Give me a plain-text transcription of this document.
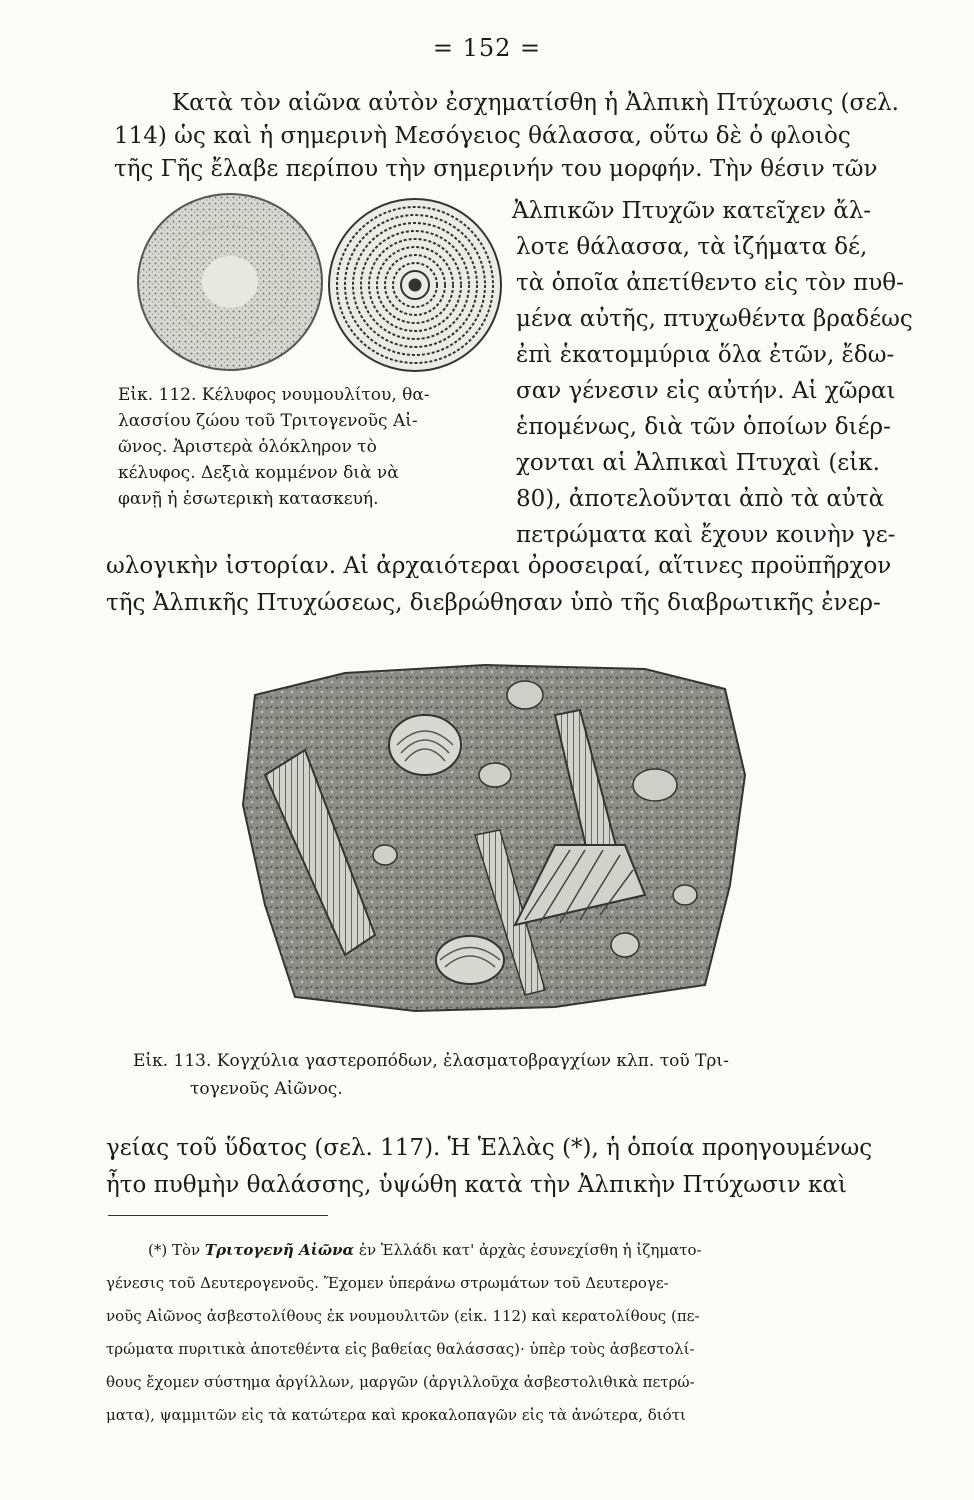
= 152 =
Κατὰ τὸν αἰῶνα αὐτὸν ἐσχηματίσθη ἡ Ἀλπικὴ Πτύχωσις (σελ.
114) ὡς καὶ ἡ σημερινὴ Μεσόγειος θάλασσα, οὕτω δὲ ὁ φλοιὸς
τῆς Γῆς ἔλαβε περίπου τὴν σημερινήν του μορφήν. Τὴν θέσιν τῶν
Ἀλπικῶν Πτυχῶν κατεῖχεν ἄλ-
λοτε θάλασσα, τὰ ἰζήματα δέ,
τὰ ὁποῖα ἀπετίθεντο εἰς τὸν πυθ-
μένα αὐτῆς, πτυχωθέντα βραδέως
ἐπὶ ἑκατομμύρια ὅλα ἐτῶν, ἔδω-
σαν γένεσιν εἰς αὐτήν. Αἱ χῶραι
ἑπομένως, διὰ τῶν ὁποίων διέρ-
χονται αἱ Ἀλπικαὶ Πτυχαὶ (εἰκ.
80), ἀποτελοῦνται ἀπὸ τὰ αὐτὰ
πετρώματα καὶ ἔχουν κοινὴν γε-
Εἰκ. 112. Κέλυφος νουμουλίτου, θα-
λασσίου ζώου τοῦ Τριτογενοῦς Αἰ-
ῶνος. Ἀριστερὰ ὁλόκληρον τὸ
κέλυφος. Δεξιὰ κομμένον διὰ νὰ
φανῇ ἡ ἐσωτερικὴ κατασκευή.
ωλογικὴν ἱστορίαν. Αἱ ἀρχαιότεραι ὀροσειραί, αἵτινες προϋπῆρχον
τῆς Ἀλπικῆς Πτυχώσεως, διεβρώθησαν ὑπὸ τῆς διαβρωτικῆς ἐνερ-
Εἰκ. 113. Κογχύλια γαστεροπόδων, ἐλασματοβραγχίων κλπ. τοῦ Τρι-
τογενοῦς Αἰῶνος.
γείας τοῦ ὕδατος (σελ. 117). Ἡ Ἑλλὰς (*), ἡ ὁποία προηγουμένως
ἦτο πυθμὴν θαλάσσης, ὑψώθη κατὰ τὴν Ἀλπικὴν Πτύχωσιν καὶ
(*) Τὸν Τριτογενῆ Αἰῶνα ἐν Ἑλλάδι κατ' ἀρχὰς ἐσυνεχίσθη ἡ ἰζηματο-
γένεσις τοῦ Δευτερογενοῦς. Ἔχομεν ὑπεράνω στρωμάτων τοῦ Δευτερογε-
νοῦς Αἰῶνος ἀσβεστολίθους ἐκ νουμουλιτῶν (εἰκ. 112) καὶ κερατολίθους (πε-
τρώματα πυριτικὰ ἀποτεθέντα εἰς βαθείας θαλάσσας)· ὑπὲρ τοὺς ἀσβεστολί-
θους ἔχομεν σύστημα ἀργίλλων, μαργῶν (ἀργιλλοῦχα ἀσβεστολιθικὰ πετρώ-
ματα), ψαμμιτῶν εἰς τὰ κατώτερα καὶ κροκαλοπαγῶν εἰς τὰ ἀνώτερα, διότι
